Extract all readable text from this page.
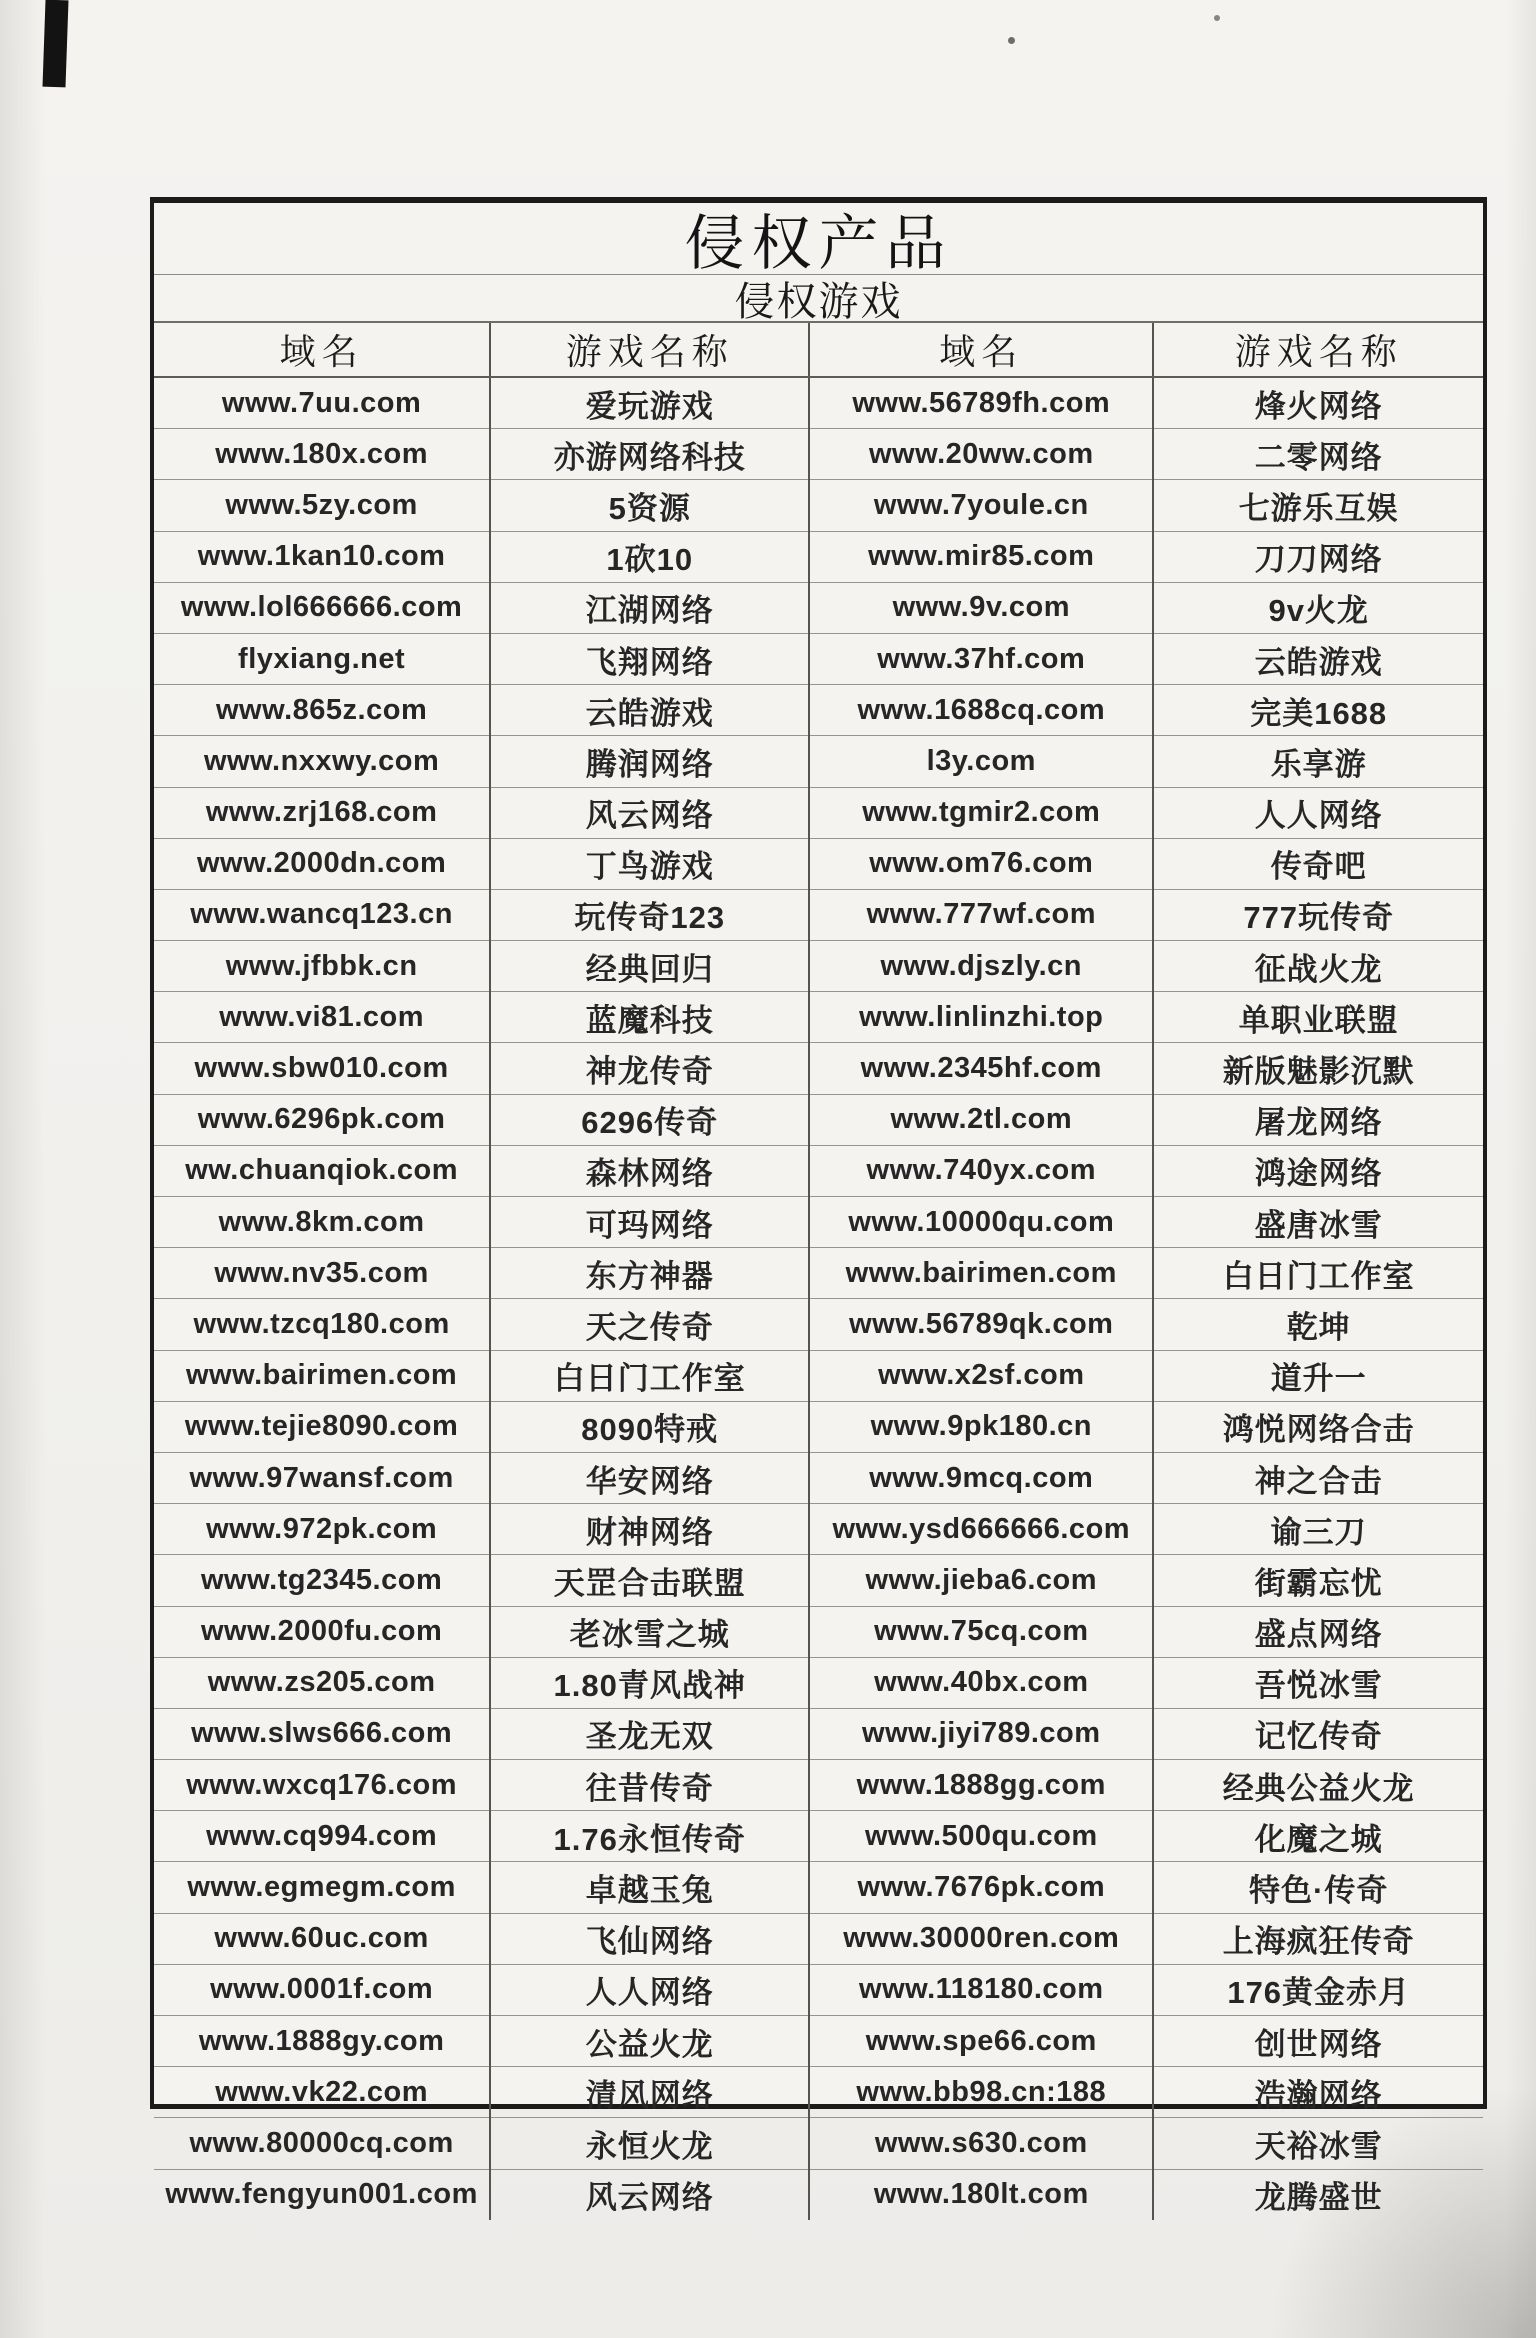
侵权产品
侵权游戏
域名	游戏名称	域名	游戏名称
www.7uu.com	爱玩游戏	www.56789fh.com	烽火网络
www.180x.com	亦游网络科技	www.20ww.com	二零网络
www.5zy.com	5资源	www.7youle.cn	七游乐互娱
www.1kan10.com	1砍10	www.mir85.com	刀刀网络
www.lol666666.com	江湖网络	www.9v.com	9v火龙
flyxiang.net	飞翔网络	www.37hf.com	云皓游戏
www.865z.com	云皓游戏	www.1688cq.com	完美1688
www.nxxwy.com	腾润网络	l3y.com	乐享游
www.zrj168.com	风云网络	www.tgmir2.com	人人网络
www.2000dn.com	丁鸟游戏	www.om76.com	传奇吧
www.wancq123.cn	玩传奇123	www.777wf.com	777玩传奇
www.jfbbk.cn	经典回归	www.djszly.cn	征战火龙
www.vi81.com	蓝魔科技	www.linlinzhi.top	单职业联盟
www.sbw010.com	神龙传奇	www.2345hf.com	新版魅影沉默
www.6296pk.com	6296传奇	www.2tl.com	屠龙网络
ww.chuanqiok.com	森林网络	www.740yx.com	鸿途网络
www.8km.com	可玛网络	www.10000qu.com	盛唐冰雪
www.nv35.com	东方神器	www.bairimen.com	白日门工作室
www.tzcq180.com	天之传奇	www.56789qk.com	乾坤
www.bairimen.com	白日门工作室	www.x2sf.com	道升一
www.tejie8090.com	8090特戒	www.9pk180.cn	鸿悦网络合击
www.97wansf.com	华安网络	www.9mcq.com	神之合击
www.972pk.com	财神网络	www.ysd666666.com	谕三刀
www.tg2345.com	天罡合击联盟	www.jieba6.com	街霸忘忧
www.2000fu.com	老冰雪之城	www.75cq.com	盛点网络
www.zs205.com	1.80青风战神	www.40bx.com	吾悦冰雪
www.slws666.com	圣龙无双	www.jiyi789.com	记忆传奇
www.wxcq176.com	往昔传奇	www.1888gg.com	经典公益火龙
www.cq994.com	1.76永恒传奇	www.500qu.com	化魔之城
www.egmegm.com	卓越玉兔	www.7676pk.com	特色·传奇
www.60uc.com	飞仙网络	www.30000ren.com	上海疯狂传奇
www.0001f.com	人人网络	www.118180.com	176黄金赤月
www.1888gy.com	公益火龙	www.spe66.com	创世网络
www.vk22.com	清风网络	www.bb98.cn:188	浩瀚网络
www.80000cq.com	永恒火龙	www.s630.com	天裕冰雪
www.fengyun001.com	风云网络	www.180lt.com	龙腾盛世
